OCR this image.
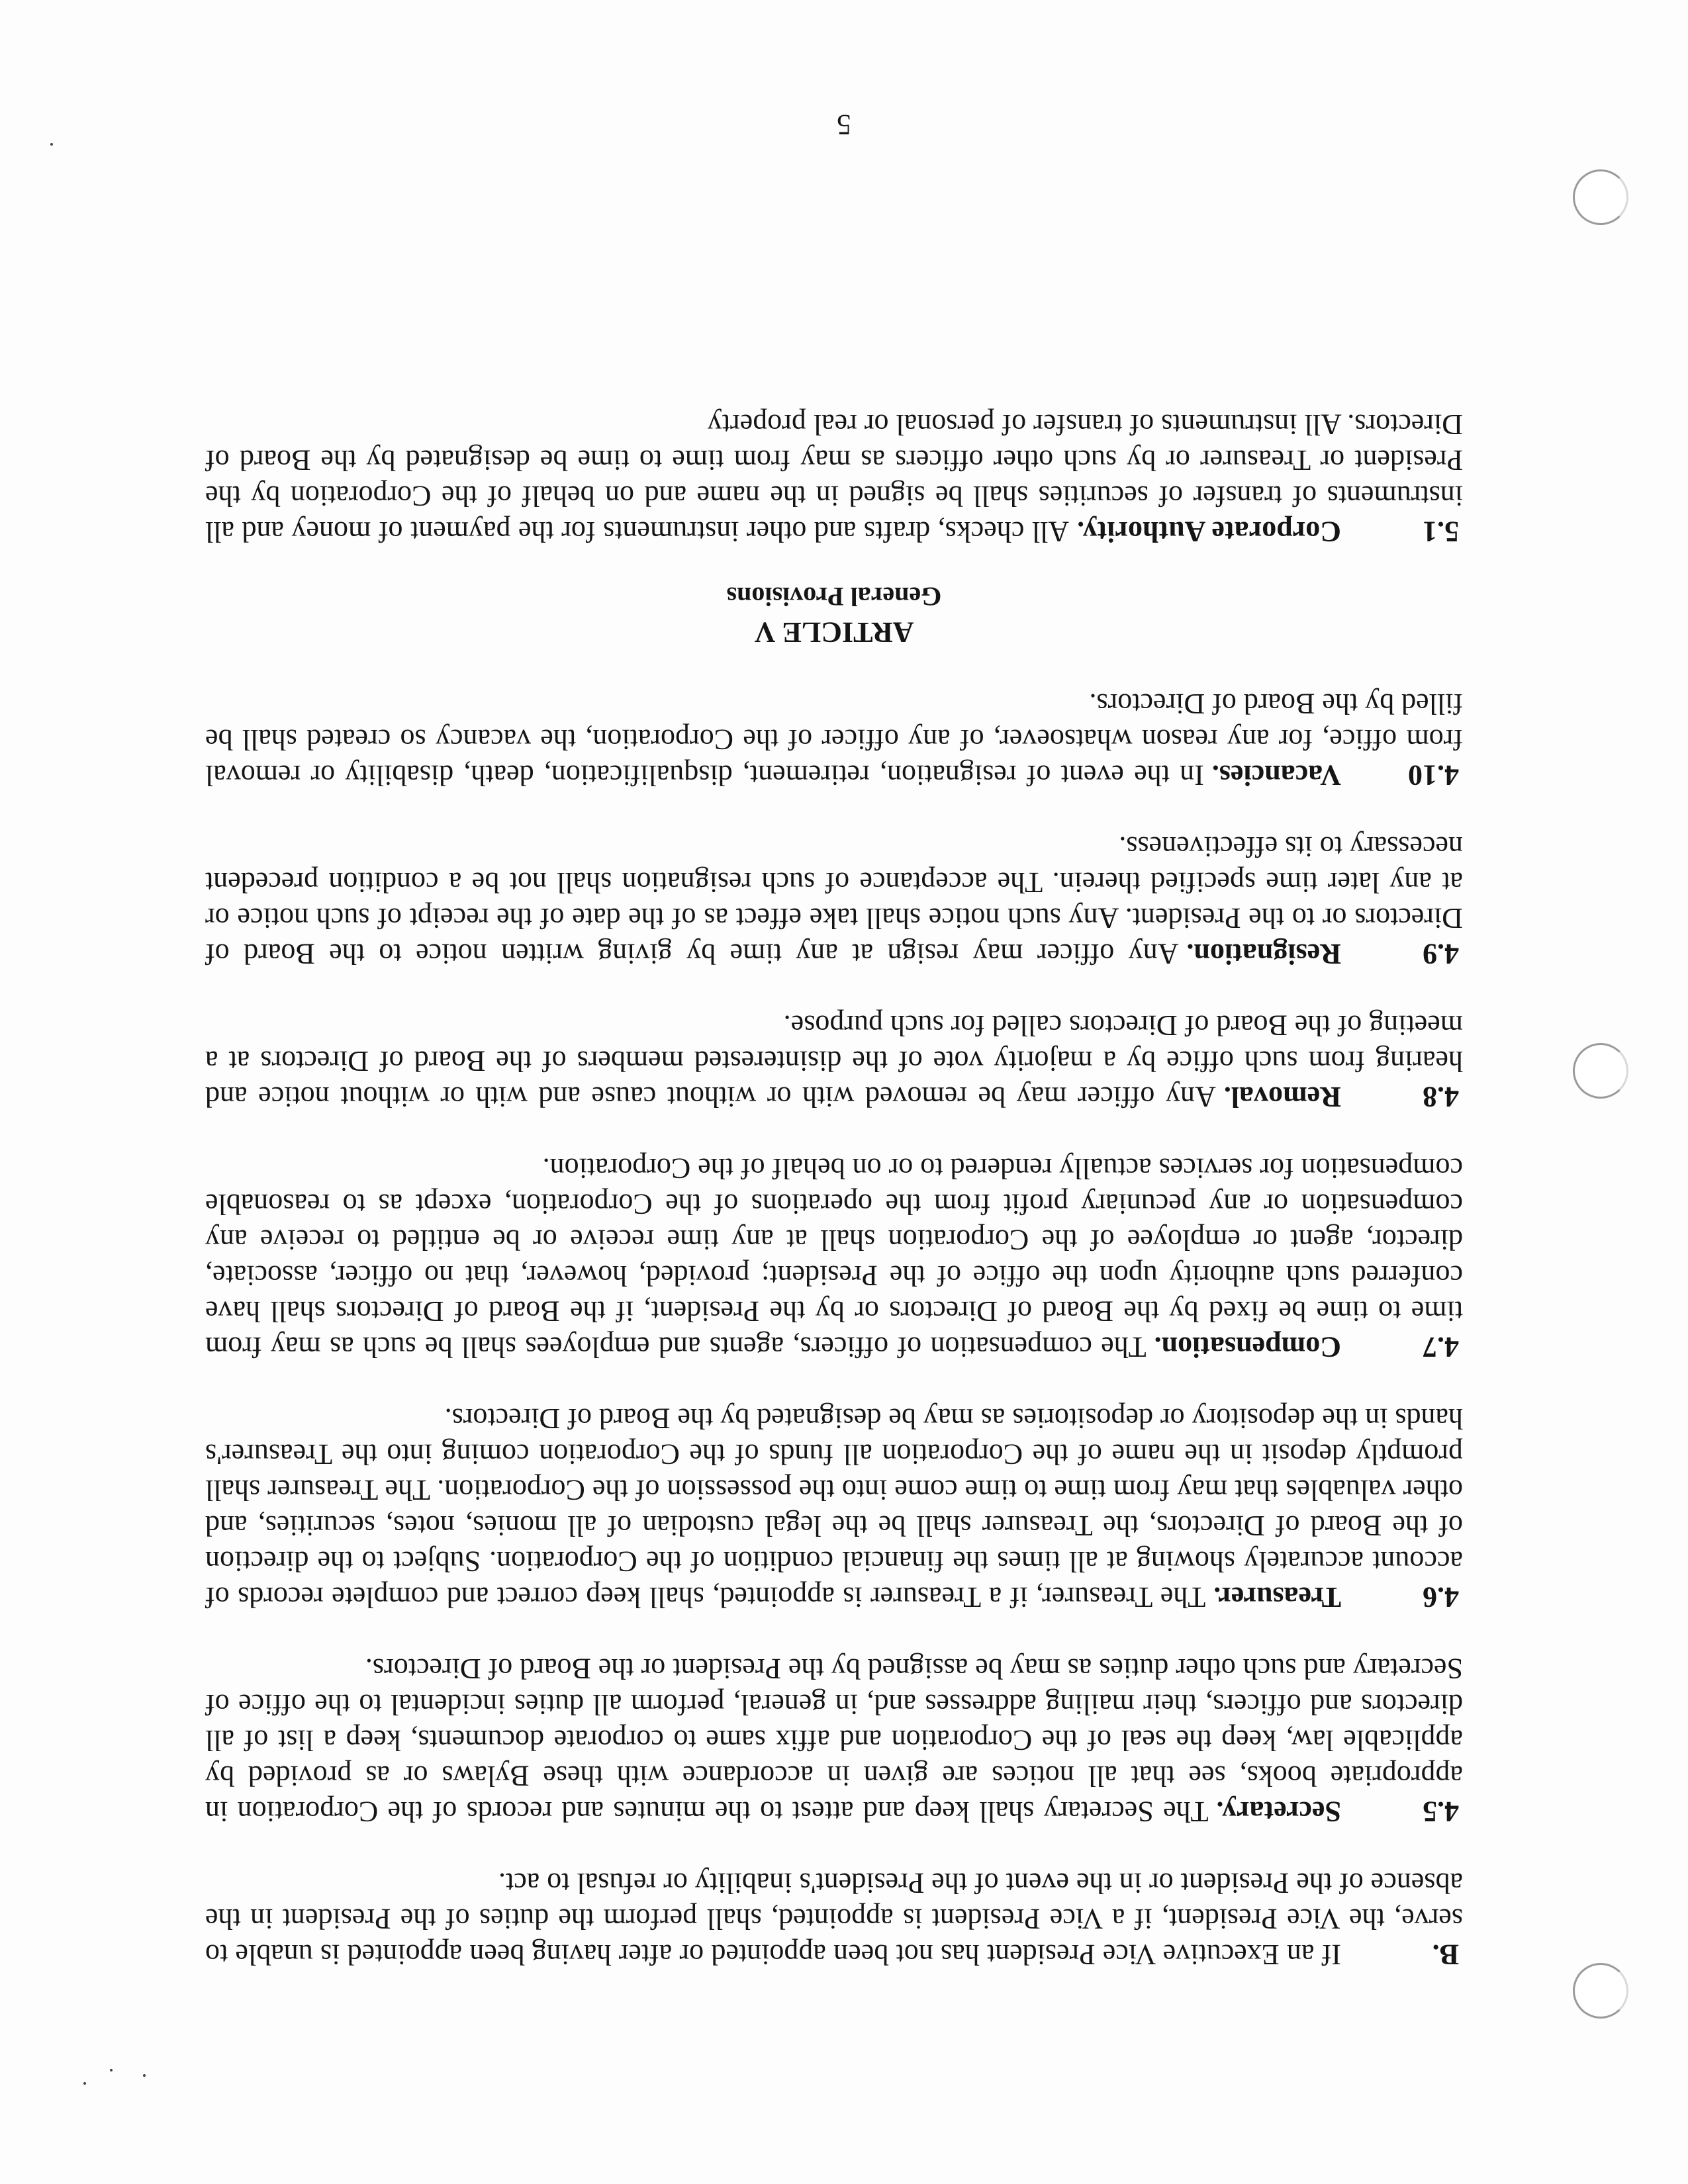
B.If an Executive Vice President has not been appointed or after having been appointed is unable to serve, the Vice President, if a Vice President is appointed, shall perform the duties of the President in the absence of the President or in the event of the President's inability or refusal to act.

4.5Secretary.The Secretary shall keep and attest to the minutes and records of the Corporation in appropriate books, see that all notices are given in accordance with these Bylaws or as provided by applicable law, keep the seal of the Corporation and affix same to corporate documents, keep a list of all directors and officers, their mailing addresses and, in general, perform all duties incidental to the office of Secretary and such other duties as may be assigned by the President or the Board of Directors.

4.6Treasurer.The Treasurer, if a Treasurer is appointed, shall keep correct and complete records of account accurately showing at all times the financial condition of the Corporation. Subject to the direction of the Board of Directors, the Treasurer shall be the legal custodian of all monies, notes, securities, and other valuables that may from time to time come into the possession of the Corporation. The Treasurer shall promptly deposit in the name of the Corporation all funds of the Corporation coming into the Treasurer's hands in the depository or depositories as may be designated by the Board of Directors.

4.7Compensation.The compensation of officers, agents and employees shall be such as may from time to time be fixed by the Board of Directors or by the President, if the Board of Directors shall have conferred such authority upon the office of the President; provided, however, that no officer, associate, director, agent or employee of the Corporation shall at any time receive or be entitled to receive any compensation or any pecuniary profit from the operations of the Corporation, except as to reasonable compensation for services actually rendered to or on behalf of the Corporation.

4.8Removal.Any officer may be removed with or without cause and with or without notice and hearing from such office by a majority vote of the disinterested members of the Board of Directors at a meeting of the Board of Directors called for such purpose.

4.9Resignation.Any officer may resign at any time by giving written notice to the Board of Directors or to the President. Any such notice shall take effect as of the date of the receipt of such notice or at any later time specified therein. The acceptance of such resignation shall not be a condition precedent necessary to its effectiveness.

4.10Vacancies.In the event of resignation, retirement, disqualification, death, disability or removal from office, for any reason whatsoever, of any officer of the Corporation, the vacancy so created shall be filled by the Board of Directors.

ARTICLE V

General Provisions

5.1Corporate Authority.All checks, drafts and other instruments for the payment of money and all instruments of transfer of securities shall be signed in the name and on behalf of the Corporation by the President or Treasurer or by such other officers as may from time to time be designated by the Board of Directors. All instruments of transfer of personal or real property

5
